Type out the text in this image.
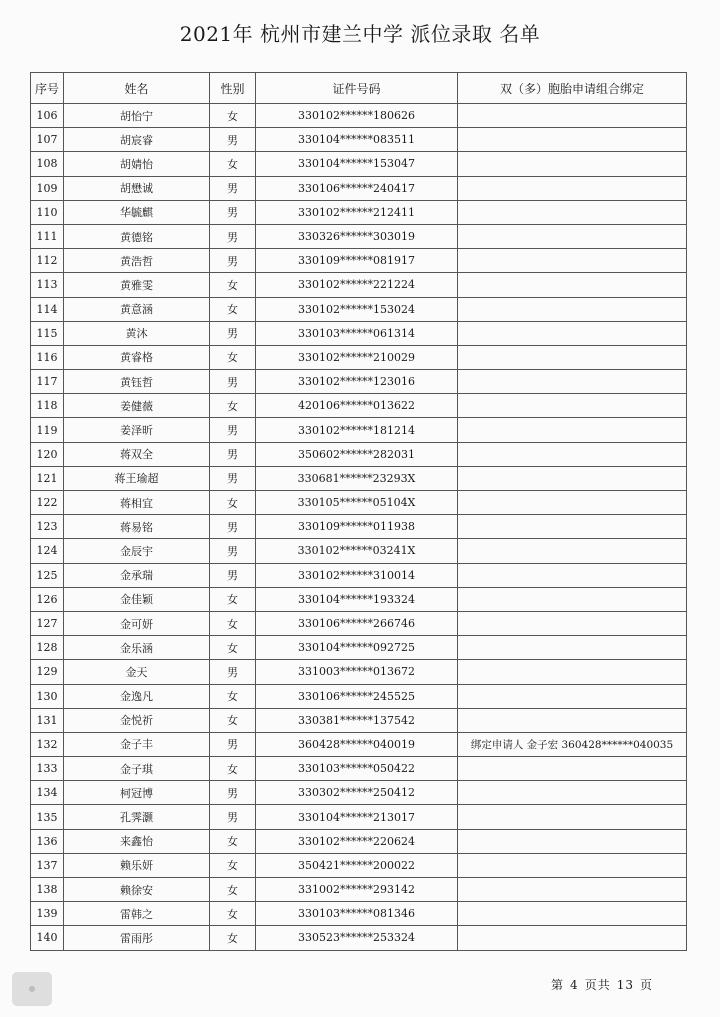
2021年 杭州市建兰中学 派位录取 名单
序号	姓名	性别	证件号码	双（多）胞胎申请组合绑定
106	胡怡宁	女	330102******180626	
107	胡宸睿	男	330104******083511	
108	胡婧怡	女	330104******153047	
109	胡懋诚	男	330106******240417	
110	华毓麒	男	330102******212411	
111	黄德铭	男	330326******303019	
112	黄浩哲	男	330109******081917	
113	黄雅雯	女	330102******221224	
114	黄意涵	女	330102******153024	
115	黄沐	男	330103******061314	
116	黄睿格	女	330102******210029	
117	黄钰哲	男	330102******123016	
118	姜健薇	女	420106******013622	
119	姜泽昕	男	330102******181214	
120	蒋双全	男	350602******282031	
121	蒋王瑜超	男	330681******23293X	
122	蒋相宜	女	330105******05104X	
123	蒋易铭	男	330109******011938	
124	金辰宇	男	330102******03241X	
125	金承瑞	男	330102******310014	
126	金佳颖	女	330104******193324	
127	金可妍	女	330106******266746	
128	金乐涵	女	330104******092725	
129	金天	男	331003******013672	
130	金逸凡	女	330106******245525	
131	金悦祈	女	330381******137542	
132	金子丰	男	360428******040019	绑定申请人 金子宏 360428******040035
133	金子琪	女	330103******050422	
134	柯冠博	男	330302******250412	
135	孔霁灏	男	330104******213017	
136	来鑫怡	女	330102******220624	
137	赖乐妍	女	350421******200022	
138	赖徐安	女	331002******293142	
139	雷韩之	女	330103******081346	
140	雷雨彤	女	330523******253324	
第 4 页共 13 页
